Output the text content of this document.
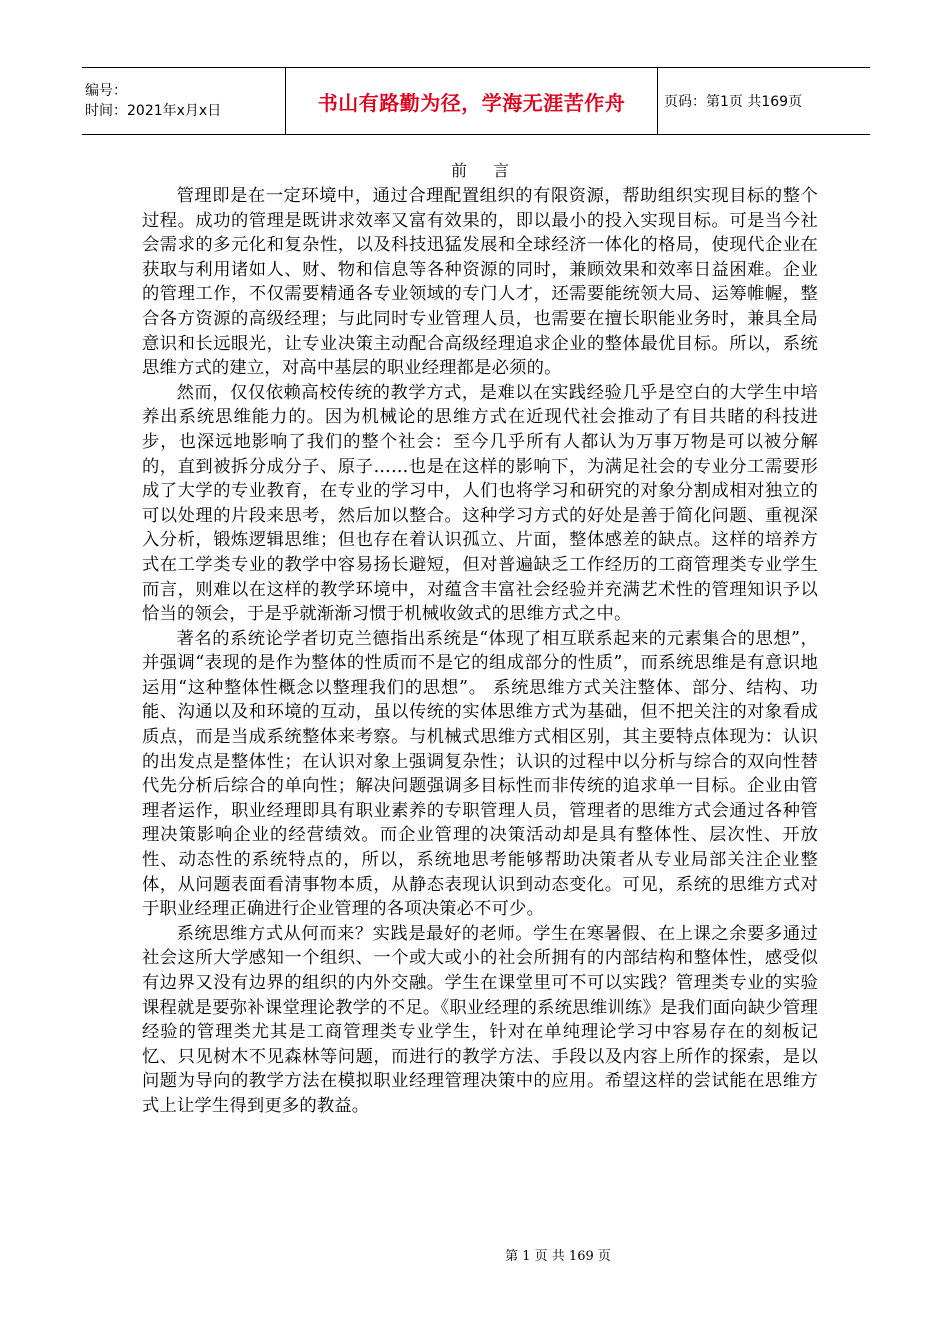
编号：
时间：2021年x月x日	书山有路勤为径，学海无涯苦作舟	页码：第1页 共169页
前言

管理即是在一定环境中，通过合理配置组织的有限资源，帮助组织实现目标的整个过程。成功的管理是既讲求效率又富有效果的，即以最小的投入实现目标。可是当今社会需求的多元化和复杂性，以及科技迅猛发展和全球经济一体化的格局，使现代企业在获取与利用诸如人、财、物和信息等各种资源的同时，兼顾效果和效率日益困难。企业的管理工作，不仅需要精通各专业领域的专门人才，还需要能统领大局、运筹帷幄，整合各方资源的高级经理；与此同时专业管理人员，也需要在擅长职能业务时，兼具全局意识和长远眼光，让专业决策主动配合高级经理追求企业的整体最优目标。所以，系统思维方式的建立，对高中基层的职业经理都是必须的。

然而，仅仅依赖高校传统的教学方式，是难以在实践经验几乎是空白的大学生中培养出系统思维能力的。因为机械论的思维方式在近现代社会推动了有目共睹的科技进步，也深远地影响了我们的整个社会：至今几乎所有人都认为万事万物是可以被分解的，直到被拆分成分子、原子……也是在这样的影响下，为满足社会的专业分工需要形成了大学的专业教育，在专业的学习中，人们也将学习和研究的对象分割成相对独立的可以处理的片段来思考，然后加以整合。这种学习方式的好处是善于简化问题、重视深入分析，锻炼逻辑思维；但也存在着认识孤立、片面，整体感差的缺点。这样的培养方式在工学类专业的教学中容易扬长避短，但对普遍缺乏工作经历的工商管理类专业学生而言，则难以在这样的教学环境中，对蕴含丰富社会经验并充满艺术性的管理知识予以恰当的领会，于是乎就渐渐习惯于机械收敛式的思维方式之中。

著名的系统论学者切克兰德指出系统是“体现了相互联系起来的元素集合的思想”，并强调“表现的是作为整体的性质而不是它的组成部分的性质”，而系统思维是有意识地运用“这种整体性概念以整理我们的思想”。 系统思维方式关注整体、部分、结构、功能、沟通以及和环境的互动，虽以传统的实体思维方式为基础，但不把关注的对象看成质点，而是当成系统整体来考察。与机械式思维方式相区别，其主要特点体现为：认识的出发点是整体性；在认识对象上强调复杂性；认识的过程中以分析与综合的双向性替代先分析后综合的单向性；解决问题强调多目标性而非传统的追求单一目标。企业由管理者运作，职业经理即具有职业素养的专职管理人员，管理者的思维方式会通过各种管理决策影响企业的经营绩效。而企业管理的决策活动却是具有整体性、层次性、开放性、动态性的系统特点的，所以，系统地思考能够帮助决策者从专业局部关注企业整体，从问题表面看清事物本质，从静态表现认识到动态变化。可见，系统的思维方式对于职业经理正确进行企业管理的各项决策必不可少。

系统思维方式从何而来？实践是最好的老师。学生在寒暑假、在上课之余要多通过社会这所大学感知一个组织、一个或大或小的社会所拥有的内部结构和整体性，感受似有边界又没有边界的组织的内外交融。学生在课堂里可不可以实践？管理类专业的实验课程就是要弥补课堂理论教学的不足。《职业经理的系统思维训练》是我们面向缺少管理经验的管理类尤其是工商管理类专业学生，针对在单纯理论学习中容易存在的刻板记忆、只见树木不见森林等问题，而进行的教学方法、手段以及内容上所作的探索，是以问题为导向的教学方法在模拟职业经理管理决策中的应用。希望这样的尝试能在思维方式上让学生得到更多的教益。

第 1 页 共 169 页
